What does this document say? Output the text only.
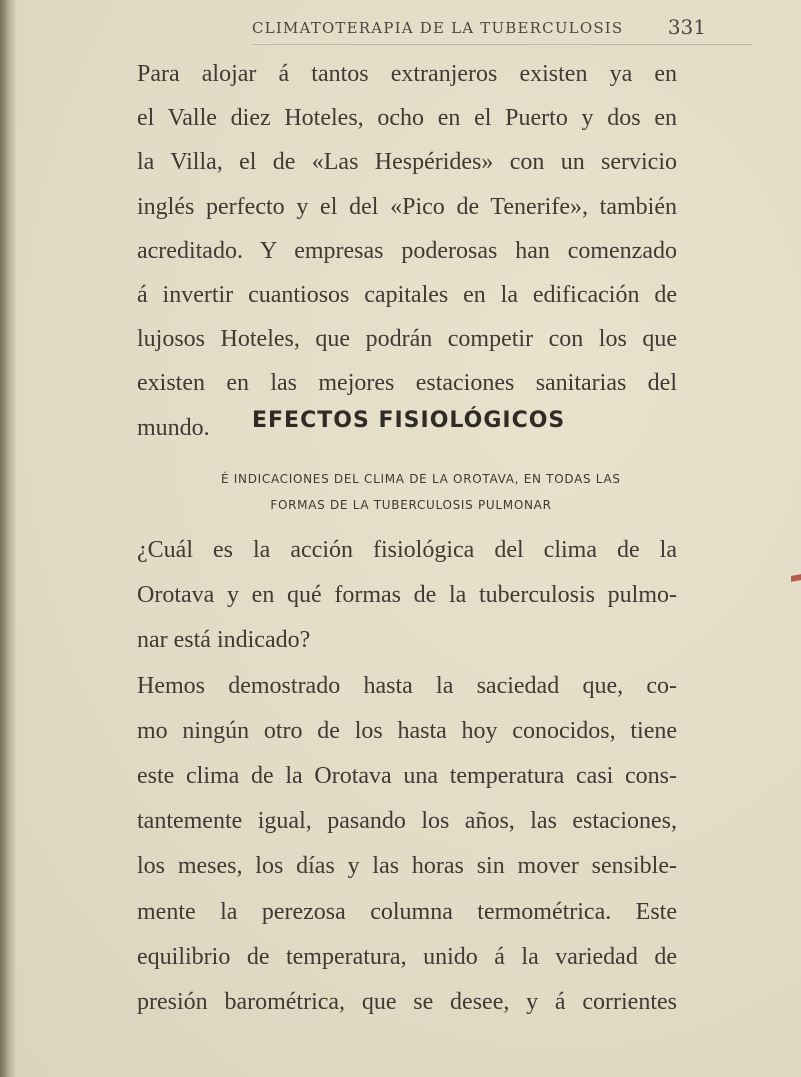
CLIMATOTERAPIA DE LA TUBERCULOSIS 331
Para alojar á tantos extranjeros existen ya en
el Valle diez Hoteles, ocho en el Puerto y dos en
la Villa, el de «Las Hespérides» con un servicio
inglés perfecto y el del «Pico de Tenerife», también
acreditado. Y empresas poderosas han comenzado
á invertir cuantiosos capitales en la edificación de
lujosos Hoteles, que podrán competir con los que
existen en las mejores estaciones sanitarias del
mundo.	EFECTOS FISIOLÓGICOS
É INDICACIONES DEL CLIMA DE LA OROTAVA, EN TODAS LAS
FORMAS DE LA TUBERCULOSIS PULMONAR
¿Cuál es la acción fisiológica del clima de la
Orotava y en qué formas de la tuberculosis pulmo-
nar está indicado?
Hemos demostrado hasta la saciedad que, co-
mo ningún otro de los hasta hoy conocidos, tiene
este clima de la Orotava una temperatura casi cons-
tantemente igual, pasando los años, las estaciones,
los meses, los días y las horas sin mover sensible-
mente la perezosa columna termométrica. Este
equilibrio de temperatura, unido á la variedad de
presión barométrica, que se desee, y á corrientes
